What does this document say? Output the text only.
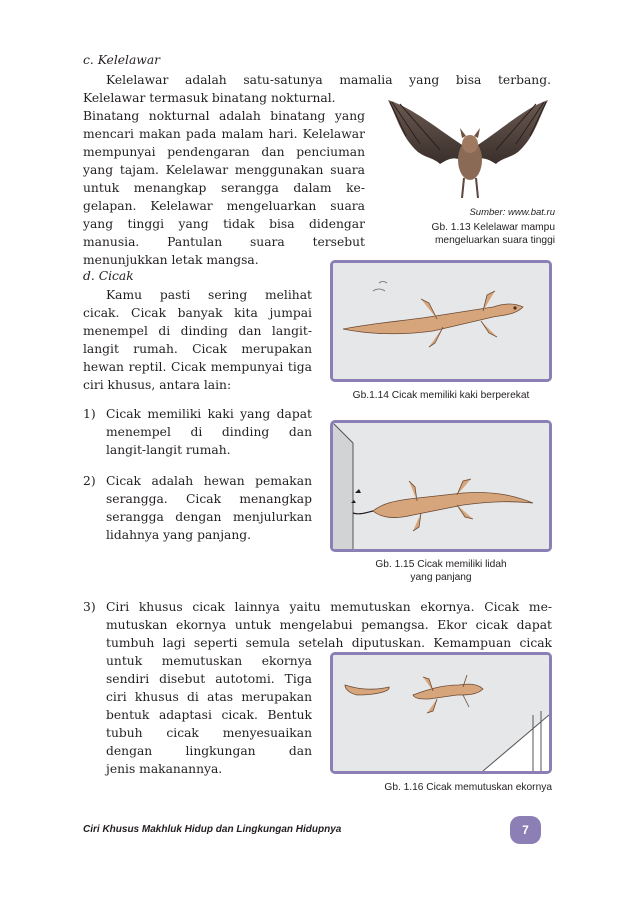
c. Kelelawar
Kelelawar adalah satu-satunya mamalia yang bisa terbang.
Kelelawar termasuk binatang nokturnal.
Binatang nokturnal adalah binatang yang
mencari makan pada malam hari. Kelelawar
mempunyai pendengaran dan penciuman
yang tajam. Kelelawar menggunakan suara
untuk menangkap serangga dalam ke-
gelapan. Kelelawar mengeluarkan suara
yang tinggi yang tidak bisa didengar
manusia. Pantulan suara tersebut
menunjukkan letak mangsa.
Sumber: www.bat.ru
Gb. 1.13 Kelelawar mampu
mengeluarkan suara tinggi
d. Cicak
Kamu pasti sering melihat
cicak. Cicak banyak kita jumpai
menempel di dinding dan langit-
langit rumah. Cicak merupakan
hewan reptil. Cicak mempunyai tiga
ciri khusus, antara lain:
Gb.1.14 Cicak memiliki kaki berperekat
1) Cicak memiliki kaki yang dapat
menempel di dinding dan
langit-langit rumah.
2) Cicak adalah hewan pemakan
serangga. Cicak menangkap
serangga dengan menjulurkan
lidahnya yang panjang.
Gb. 1.15 Cicak memiliki lidah
yang panjang
3) Ciri khusus cicak lainnya yaitu memutuskan ekornya. Cicak me-
mutuskan ekornya untuk mengelabui pemangsa. Ekor cicak dapat
tumbuh lagi seperti semula setelah diputuskan. Kemampuan cicak
untuk memutuskan ekornya
sendiri disebut autotomi. Tiga
ciri khusus di atas merupakan
bentuk adaptasi cicak. Bentuk
tubuh cicak menyesuaikan
dengan lingkungan dan
jenis makanannya.
Gb. 1.16 Cicak memutuskan ekornya
Ciri Khusus Makhluk Hidup dan Lingkungan Hidupnya	7
